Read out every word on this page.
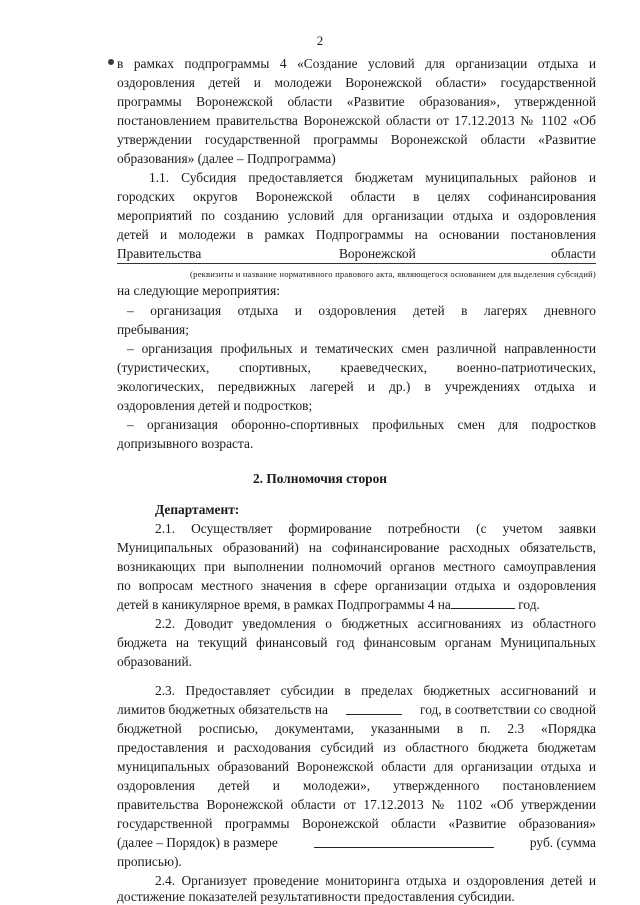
2
в рамках подпрограммы 4 «Создание условий для организации отдыха и
оздоровления детей и молодежи Воронежской области» государственной
программы Воронежской области «Развитие образования», утвержденной
постановлением правительства Воронежской области от 17.12.2013 № 1102 «Об
утверждении государственной программы Воронежской области «Развитие
образования» (далее – Подпрограмма)
1.1. Субсидия предоставляется бюджетам муниципальных районов и
городских округов Воронежской области в целях софинансирования
мероприятий по созданию условий для организации отдыха и оздоровления
детей и молодежи в рамках Подпрограммы на основании постановления
Правительства	Воронежской	области
(реквизиты и название нормативного правового акта, являющегося основанием для выделения субсидий)
на следующие мероприятия:
– организация отдыха и оздоровления детей в лагерях дневного
пребывания;
– организация профильных и тематических смен различной направленности
(туристических, спортивных, краеведческих, военно-патриотических,
экологических, передвижных лагерей и др.) в учреждениях отдыха и
оздоровления детей и подростков;
– организация оборонно-спортивных профильных смен для подростков
допризывного возраста.
2. Полномочия сторон
Департамент:
2.1. Осуществляет формирование потребности (с учетом заявки
Муниципальных образований) на софинансирование расходных обязательств,
возникающих при выполнении полномочий органов местного самоуправления
по вопросам местного значения в сфере организации отдыха и оздоровления
детей в каникулярное время, в рамках Подпрограммы 4 на	год.
2.2. Доводит уведомления о бюджетных ассигнованиях из областного
бюджета на текущий финансовый год финансовым органам Муниципальных
образований.
2.3. Предоставляет субсидии в пределах бюджетных ассигнований и
лимитов бюджетных обязательств на	год, в соответствии со сводной
бюджетной росписью, документами, указанными в п. 2.3 «Порядка
предоставления и расходования субсидий из областного бюджета бюджетам
муниципальных образований Воронежской области для организации отдыха и
оздоровления детей и молодежи», утвержденного постановлением
правительства Воронежской области от 17.12.2013 № 1102 «Об утверждении
государственной программы Воронежской области «Развитие образования»
(далее – Порядок) в размере	руб. (сумма
прописью).
2.4. Организует проведение мониторинга отдыха и оздоровления детей и
достижение показателей результативности предоставления субсидии.
